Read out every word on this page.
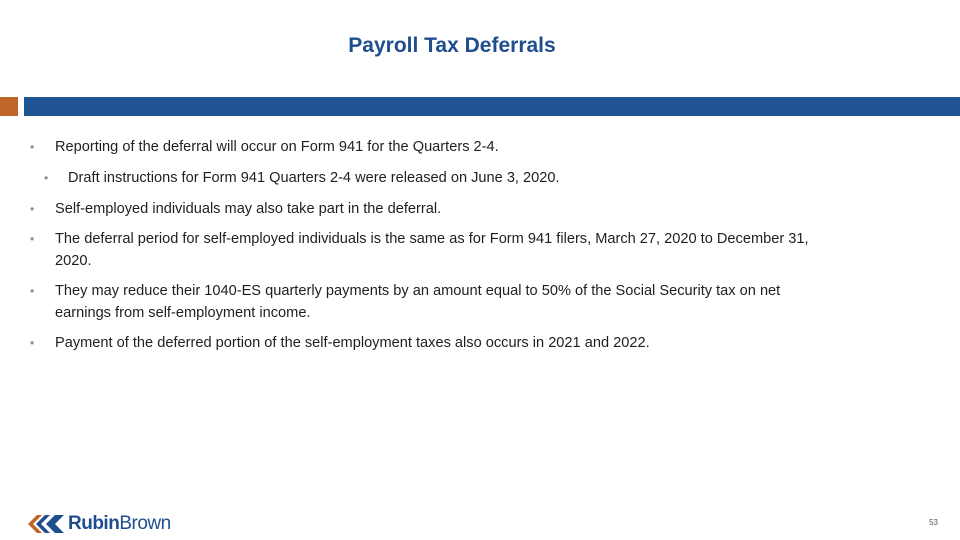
Payroll Tax Deferrals
• Reporting of the deferral will occur on Form 941 for the Quarters 2-4.
• Draft instructions for Form 941 Quarters 2-4 were released on June 3, 2020.
• Self-employed individuals may also take part in the deferral.
• The deferral period for self-employed individuals is the same as for Form 941 filers, March 27, 2020 to December 31, 2020.
• They may reduce their 1040-ES quarterly payments by an amount equal to 50% of the Social Security tax on net earnings from self-employment income.
• Payment of the deferred portion of the self-employment taxes also occurs in 2021 and 2022.
RubinBrown	53
